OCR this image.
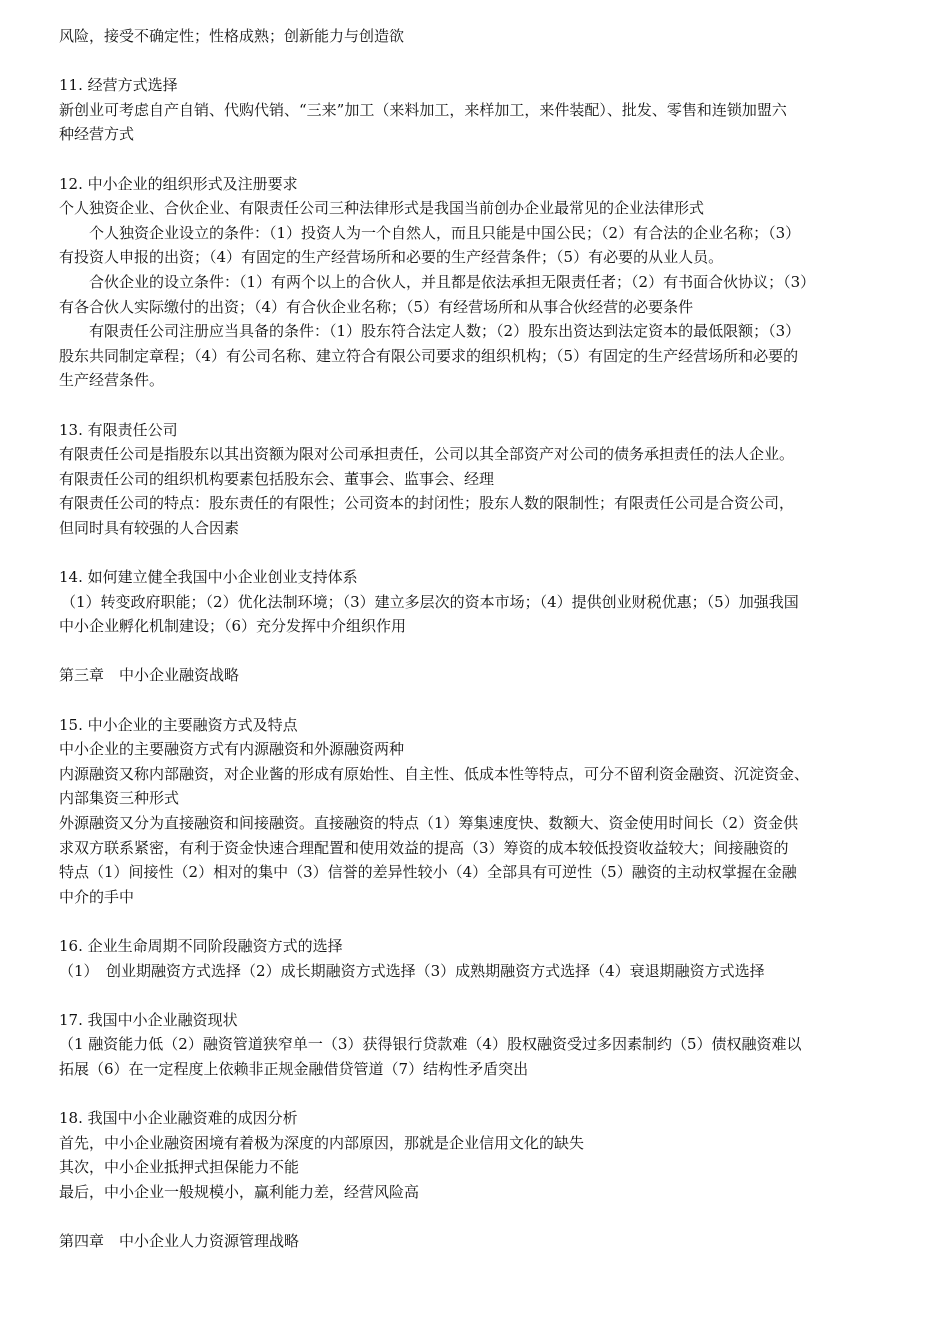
风险，接受不确定性；性格成熟；创新能力与创造欲
11. 经营方式选择
新创业可考虑自产自销、代购代销、“三来”加工（来料加工，来样加工，来件装配）、批发、零售和连锁加盟六
种经营方式
12. 中小企业的组织形式及注册要求
个人独资企业、合伙企业、有限责任公司三种法律形式是我国当前创办企业最常见的企业法律形式
个人独资企业设立的条件：（1）投资人为一个自然人，而且只能是中国公民；（2）有合法的企业名称；（3）
有投资人申报的出资；（4）有固定的生产经营场所和必要的生产经营条件；（5）有必要的从业人员。
合伙企业的设立条件：（1）有两个以上的合伙人，并且都是依法承担无限责任者；（2）有书面合伙协议；（3）
有各合伙人实际缴付的出资；（4）有合伙企业名称；（5）有经营场所和从事合伙经营的必要条件
有限责任公司注册应当具备的条件：（1）股东符合法定人数；（2）股东出资达到法定资本的最低限额；（3）
股东共同制定章程；（4）有公司名称、建立符合有限公司要求的组织机构；（5）有固定的生产经营场所和必要的
生产经营条件。
13. 有限责任公司
有限责任公司是指股东以其出资额为限对公司承担责任，公司以其全部资产对公司的债务承担责任的法人企业。
有限责任公司的组织机构要素包括股东会、董事会、监事会、经理
有限责任公司的特点：股东责任的有限性；公司资本的封闭性；股东人数的限制性；有限责任公司是合资公司，
但同时具有较强的人合因素
14. 如何建立健全我国中小企业创业支持体系
（1）转变政府职能；（2）优化法制环境；（3）建立多层次的资本市场；（4）提供创业财税优惠；（5）加强我国
中小企业孵化机制建设；（6）充分发挥中介组织作用
第三章　中小企业融资战略
15. 中小企业的主要融资方式及特点
中小企业的主要融资方式有内源融资和外源融资两种
内源融资又称内部融资，对企业酱的形成有原始性、自主性、低成本性等特点，可分不留利资金融资、沉淀资金、
内部集资三种形式
外源融资又分为直接融资和间接融资。直接融资的特点（1）筹集速度快、数额大、资金使用时间长（2）资金供
求双方联系紧密，有利于资金快速合理配置和使用效益的提高（3）筹资的成本较低投资收益较大；间接融资的
特点（1）间接性（2）相对的集中（3）信誉的差异性较小（4）全部具有可逆性（5）融资的主动权掌握在金融
中介的手中
16. 企业生命周期不同阶段融资方式的选择
（1）　创业期融资方式选择（2）成长期融资方式选择（3）成熟期融资方式选择（4）衰退期融资方式选择
17. 我国中小企业融资现状
（1 融资能力低（2）融资管道狭窄单一（3）获得银行贷款难（4）股权融资受过多因素制约（5）债权融资难以
拓展（6）在一定程度上依赖非正规金融借贷管道（7）结构性矛盾突出
18. 我国中小企业融资难的成因分析
首先，中小企业融资困境有着极为深度的内部原因，那就是企业信用文化的缺失
其次，中小企业抵押式担保能力不能
最后，中小企业一般规模小，赢利能力差，经营风险高
第四章　中小企业人力资源管理战略
